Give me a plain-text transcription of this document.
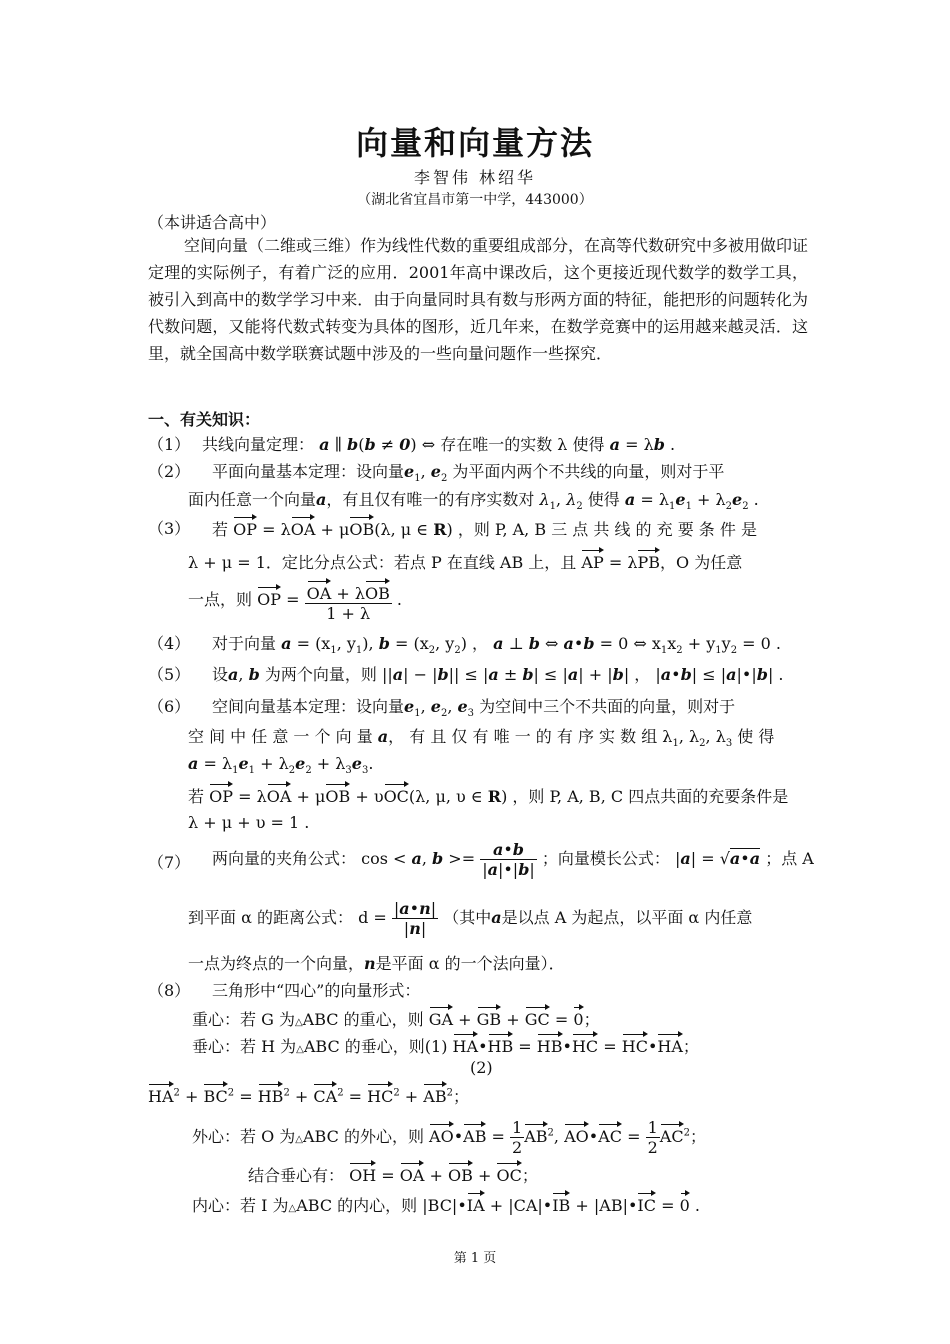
向量和向量方法
李智伟 林绍华
（湖北省宜昌市第一中学，443000）
（本讲适合高中）
空间向量（二维或三维）作为线性代数的重要组成部分，在高等代数研究中多被用做印证定理的实际例子，有着广泛的应用．2001年高中课改后，这个更接近现代数学的数学工具，被引入到高中的数学学习中来．由于向量同时具有数与形两方面的特征，能把形的问题转化为代数问题，又能将代数式转变为具体的图形，近几年来，在数学竞赛中的运用越来越灵活．这里，就全国高中数学联赛试题中涉及的一些向量问题作一些探究．
一、有关知识：
（1） 共线向量定理： a ∥ b(b ≠ 0) ⇔ 存在唯一的实数 λ 使得 a = λb .
（2） 平面向量基本定理：设向量$e_1$, $e_2$ 为平面内两个不共线的向量，则对于平
面内任意一个向量a，有且仅有唯一的有序实数对 $\lambda_1$, $\lambda_2$ 使得 $a = \lambda_1e_1 + \lambda_2e_2$ .
（3） 若 OP = λOA + μOB(λ, μ ∈ R) ，则 P, A, B 三 点 共 线 的 充 要 条 件 是
λ + μ = 1．定比分点公式：若点 P 在直线 AB 上，且 AP = λPB，O 为任意
一点，则 OP = $\frac{\text{OA + λOB}}{1 + \lambda}$ .
（4） 对于向量 $a = (x_1$, $y_1$), $b = (x_2$, $y_2$) ， a ⊥ b ⇔ a•b = 0 ⇔ $x_1x_2 + y_1y_2 = 0$ .
（5） 设a, b 为两个向量，则 ||a| − |b|| ≤ |a ± b| ≤ |a| + |b| ， |a•b| ≤ |a|•|b| .
（6） 空间向量基本定理：设向量$e_1$, $e_2$, $e_3$ 为空间中三个不共面的向量，则对于
空 间 中 任 意 一 个 向 量 a， 有 且 仅 有 唯 一 的 有 序 实 数 组 $\lambda_1$, $\lambda_2$, $\lambda_3$ 使 得
$a = \lambda_1e_1 + \lambda_2e_2 + \lambda_3e_3$.
若 OP = λOA + μOB + υOC(λ, μ, υ ∈ R) ，则 P, A, B, C 四点共面的充要条件是
λ + μ + υ = 1 .
（7） 两向量的夹角公式： cos < a, $b >= \frac{a•b}{|a|•|b|}$ ；向量模长公式： |a| = √a•a ；点 A
到平面 α 的距离公式： $d = \frac{|a•n|}{|n|}$ （其中a是以点 A 为起点，以平面 α 内任意
一点为终点的一个向量，n是平面 α 的一个法向量）．
（8） 三角形中“四心”的向量形式：
重心：若 G 为△ABC 的重心，则 GA + GB + GC = 0；
垂心：若 H 为△ABC 的垂心，则(1) HA•HB = HB•HC = HC•HA；
(2)
$HA^2 + BC^2 = HB^2 + CA^2 = HC^2 + AB^2$；
外心：若 O 为△ABC 的外心，则 AO•AB = $\frac{1}{2} AB^2$, AO•AC = $\frac{1}{2} AC^2$；
结合垂心有： OH = OA + OB + OC；
内心：若 I 为△ABC 的内心，则 |BC|•IA + |CA|•IB + |AB|•IC = 0 .
第 1 页
